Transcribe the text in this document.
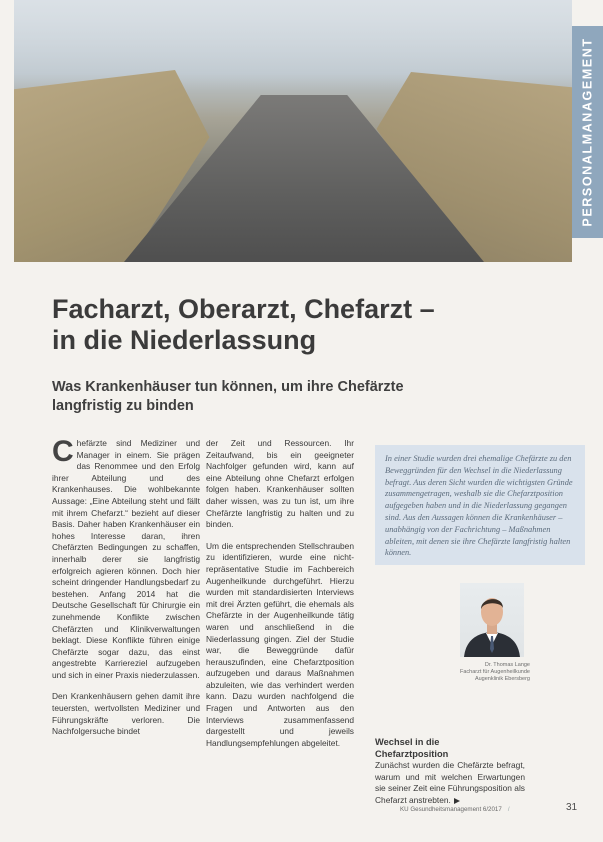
PERSONALMANAGEMENT
Facharzt, Oberarzt, Chefarzt –
in die Niederlassung
Was Krankenhäuser tun können, um ihre Chefärzte
langfristig zu binden

Chefärzte sind Mediziner und Manager in einem. Sie prägen das Renommee und den Erfolg ihrer Abteilung und des Krankenhauses. Die wohlbekannte Aussage: „Eine Abteilung steht und fällt mit ihrem Chefarzt.“ bezieht auf dieser Basis. Daher haben Krankenhäuser ein hohes Interesse daran, ihren Chefärzten Bedingungen zu schaffen, innerhalb derer sie langfristig erfolgreich agieren können. Doch hier scheint dringender Handlungsbedarf zu bestehen. Anfang 2014 hat die Deutsche Gesellschaft für Chirurgie ein zunehmende Konflikte zwischen Chefärzten und Klinikverwaltungen beklagt. Diese Konflikte führen einige Chefärzte sogar dazu, das einst angestrebte Karriereziel aufzugeben und sich in einer Praxis niederzulassen.

Den Krankenhäusern gehen damit ihre teuersten, wertvollsten Mediziner und Führungskräfte verloren. Die Nachfolgersuche bindet

der Zeit und Ressourcen. Ihr Zeitaufwand, bis ein geeigneter Nachfolger gefunden wird, kann auf eine Abteilung ohne Chefarzt erfolgen folgen haben. Krankenhäuser sollten daher wissen, was zu tun ist, um ihre Chefärzte langfristig zu halten und zu binden.

Um die entsprechenden Stellschrauben zu identifizieren, wurde eine nicht-repräsentative Studie im Fachbereich Augenheilkunde durchgeführt. Hierzu wurden mit standardisierten Interviews mit drei Ärzten geführt, die ehemals als Chefärzte in der Augenheilkunde tätig waren und anschließend in die Niederlassung gingen. Ziel der Studie war, die Beweggründe dafür herauszufinden, eine Chefarztposition aufzugeben und daraus Maßnahmen abzuleiten, wie das verhindert werden kann. Dazu wurden nachfolgend die Fragen und Antworten aus den Interviews zusammenfassend dargestellt und jeweils Handlungsempfehlungen abgeleitet.

In einer Studie wurden drei ehemalige Chefärzte zu den Beweggründen für den Wechsel in die Niederlassung befragt. Aus deren Sicht wurden die wichtigsten Gründe zusammengetragen, weshalb sie die Chefarztposition aufgegeben haben und in die Niederlassung gegangen sind. Aus den Aussagen können die Krankenhäuser – unabhängig von der Fachrichtung – Maßnahmen ableiten, mit denen sie ihre Chefärzte langfristig halten können.
Dr. Thomas Lange
Facharzt für Augenheilkunde
Augenklinik Ebersberg
Wechsel in die
Chefarztposition
Zunächst wurden die Chefärzte befragt, warum und mit welchen Erwartungen sie seiner Zeit eine Führungsposition als Chefarzt anstrebten.
KU Gesundheitsmanagement 6/2017 /	31
